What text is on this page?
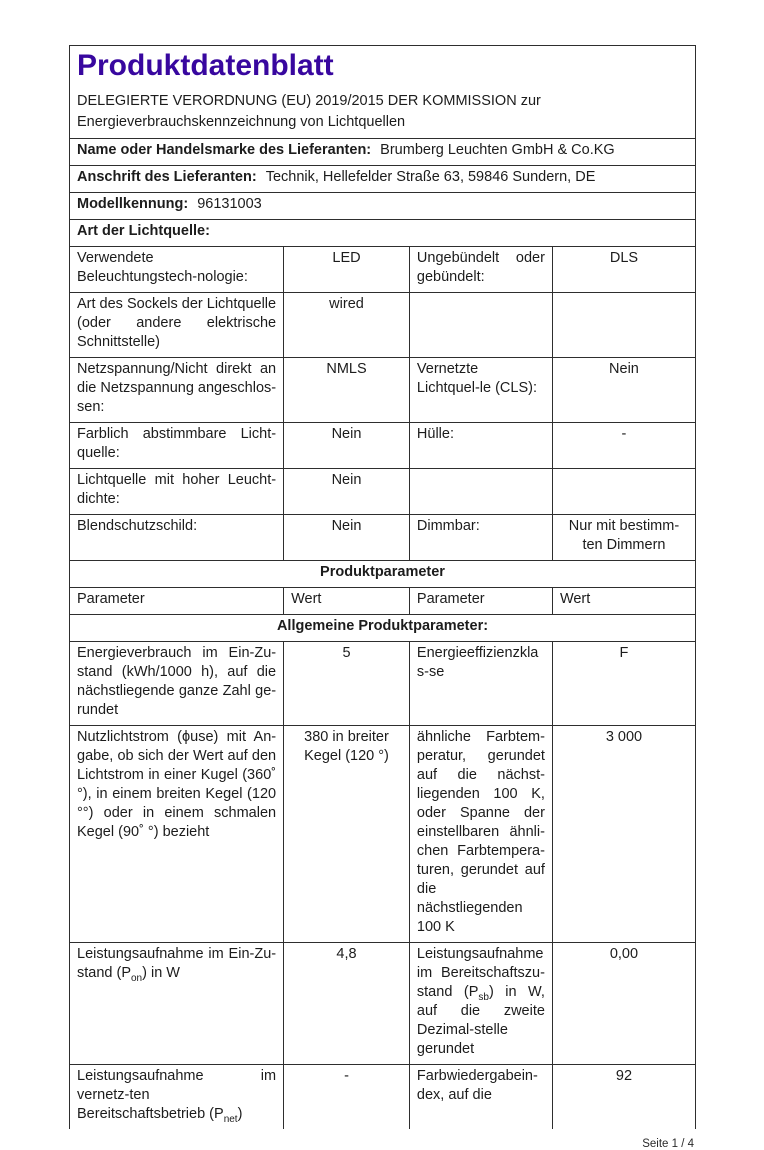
Produktdatenblatt
DELEGIERTE VERORDNUNG (EU) 2019/2015 DER KOMMISSION zur Energieverbrauchskennzeichnung von Lichtquellen			

Name oder Handelsmarke des Lieferanten: Brumberg Leuchten GmbH & Co.KG			
Anschrift des Lieferanten: Technik, Hellefelder Straße 63, 59846 Sundern, DE			
Modellkennung: 96131003			
Art der Lichtquelle:			
Verwendete Beleuchtungstech-nologie:	LED	Ungebündelt oder gebündelt:	DLS
Art des Sockels der Lichtquelle
(oder andere elektrische Schnittstelle)	wired		
Netzspannung/Nicht direkt an die Netzspannung angeschlos-sen:	NMLS	Vernetzte Lichtquel-le (CLS):	Nein
Farblich abstimmbare Licht-quelle:	Nein	Hülle:	-
Lichtquelle mit hoher Leucht-dichte:	Nein		
Blendschutzschild:	Nein	Dimmbar:	Nur mit bestimm-ten Dimmern
Produktparameter			
Parameter	Wert	Parameter	Wert
Allgemeine Produktparameter:			
Energieverbrauch im Ein-Zu-stand (kWh/1000 h), auf die nächstliegende ganze Zahl ge-rundet	5	Energieeffizienzklas-se	F
Nutzlichtstrom (ϕuse) mit An-gabe, ob sich der Wert auf den Lichtstrom in einer Kugel (360˚ °), in einem breiten Kegel (120 °°) oder in einem schmalen Kegel (90˚ °) bezieht	380 in breiter Kegel (120 °)	ähnliche Farbtem-peratur, gerundet auf die nächst-liegenden 100 K, oder Spanne der einstellbaren ähnli-chen Farbtempera-turen, gerundet auf die nächstliegenden 100 K	3 000
Leistungsaufnahme im Ein-Zu-stand $(P_{on})$ in W	4,8	Leistungsaufnahme im Bereitschaftszu-stand $(P_{sb})$ in W, auf die zweite Dezimal-stelle gerundet	0,00
Leistungsaufnahme im vernetz-ten Bereitschaftsbetrieb $(P_{net})$	-	Farbwiedergabein-dex, auf die	92
Seite 1 / 4
